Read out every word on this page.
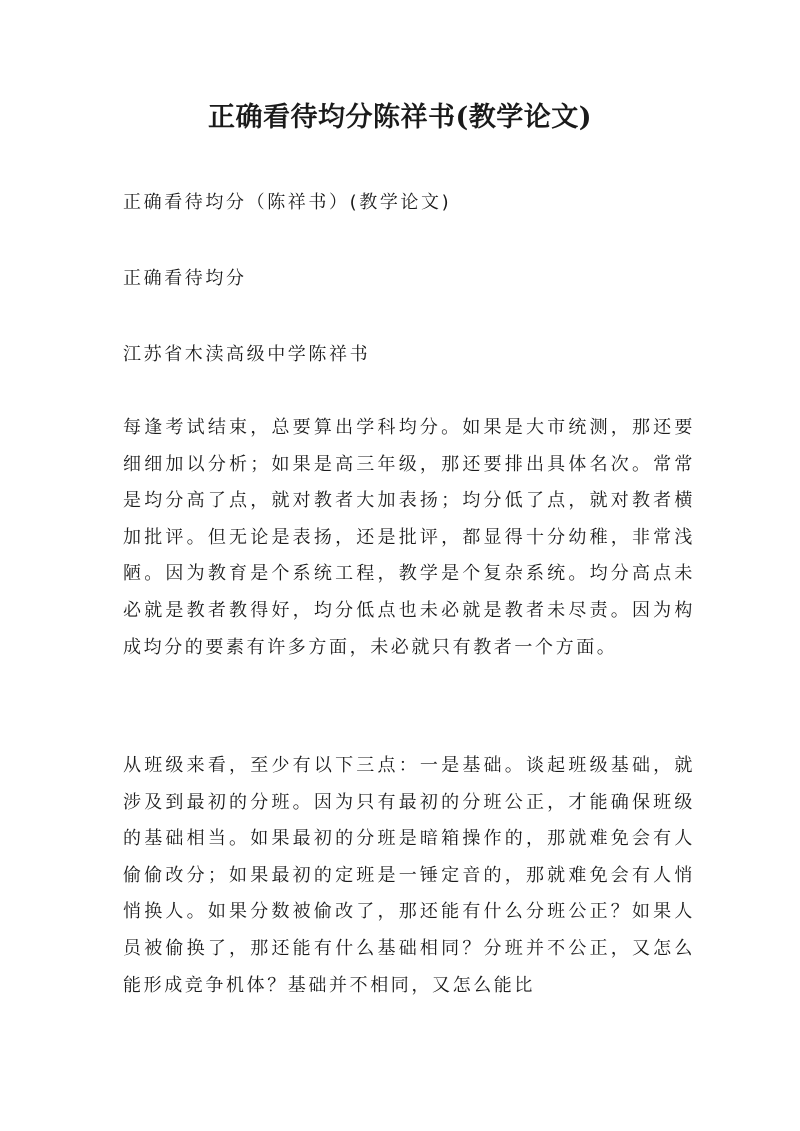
正确看待均分陈祥书(教学论文)

正确看待均分（陈祥书）(教学论文)

正确看待均分

江苏省木渎高级中学陈祥书

每逢考试结束，总要算出学科均分。如果是大市统测，那还要细细加以分析；如果是高三年级，那还要排出具体名次。常常是均分高了点，就对教者大加表扬；均分低了点，就对教者横加批评。但无论是表扬，还是批评，都显得十分幼稚，非常浅陋。因为教育是个系统工程，教学是个复杂系统。均分高点未必就是教者教得好，均分低点也未必就是教者未尽责。因为构成均分的要素有许多方面，未必就只有教者一个方面。

从班级来看，至少有以下三点：一是基础。谈起班级基础，就涉及到最初的分班。因为只有最初的分班公正，才能确保班级的基础相当。如果最初的分班是暗箱操作的，那就难免会有人偷偷改分；如果最初的定班是一锤定音的，那就难免会有人悄悄换人。如果分数被偷改了，那还能有什么分班公正？如果人员被偷换了，那还能有什么基础相同？分班并不公正，又怎么能形成竞争机体？基础并不相同，又怎么能比
